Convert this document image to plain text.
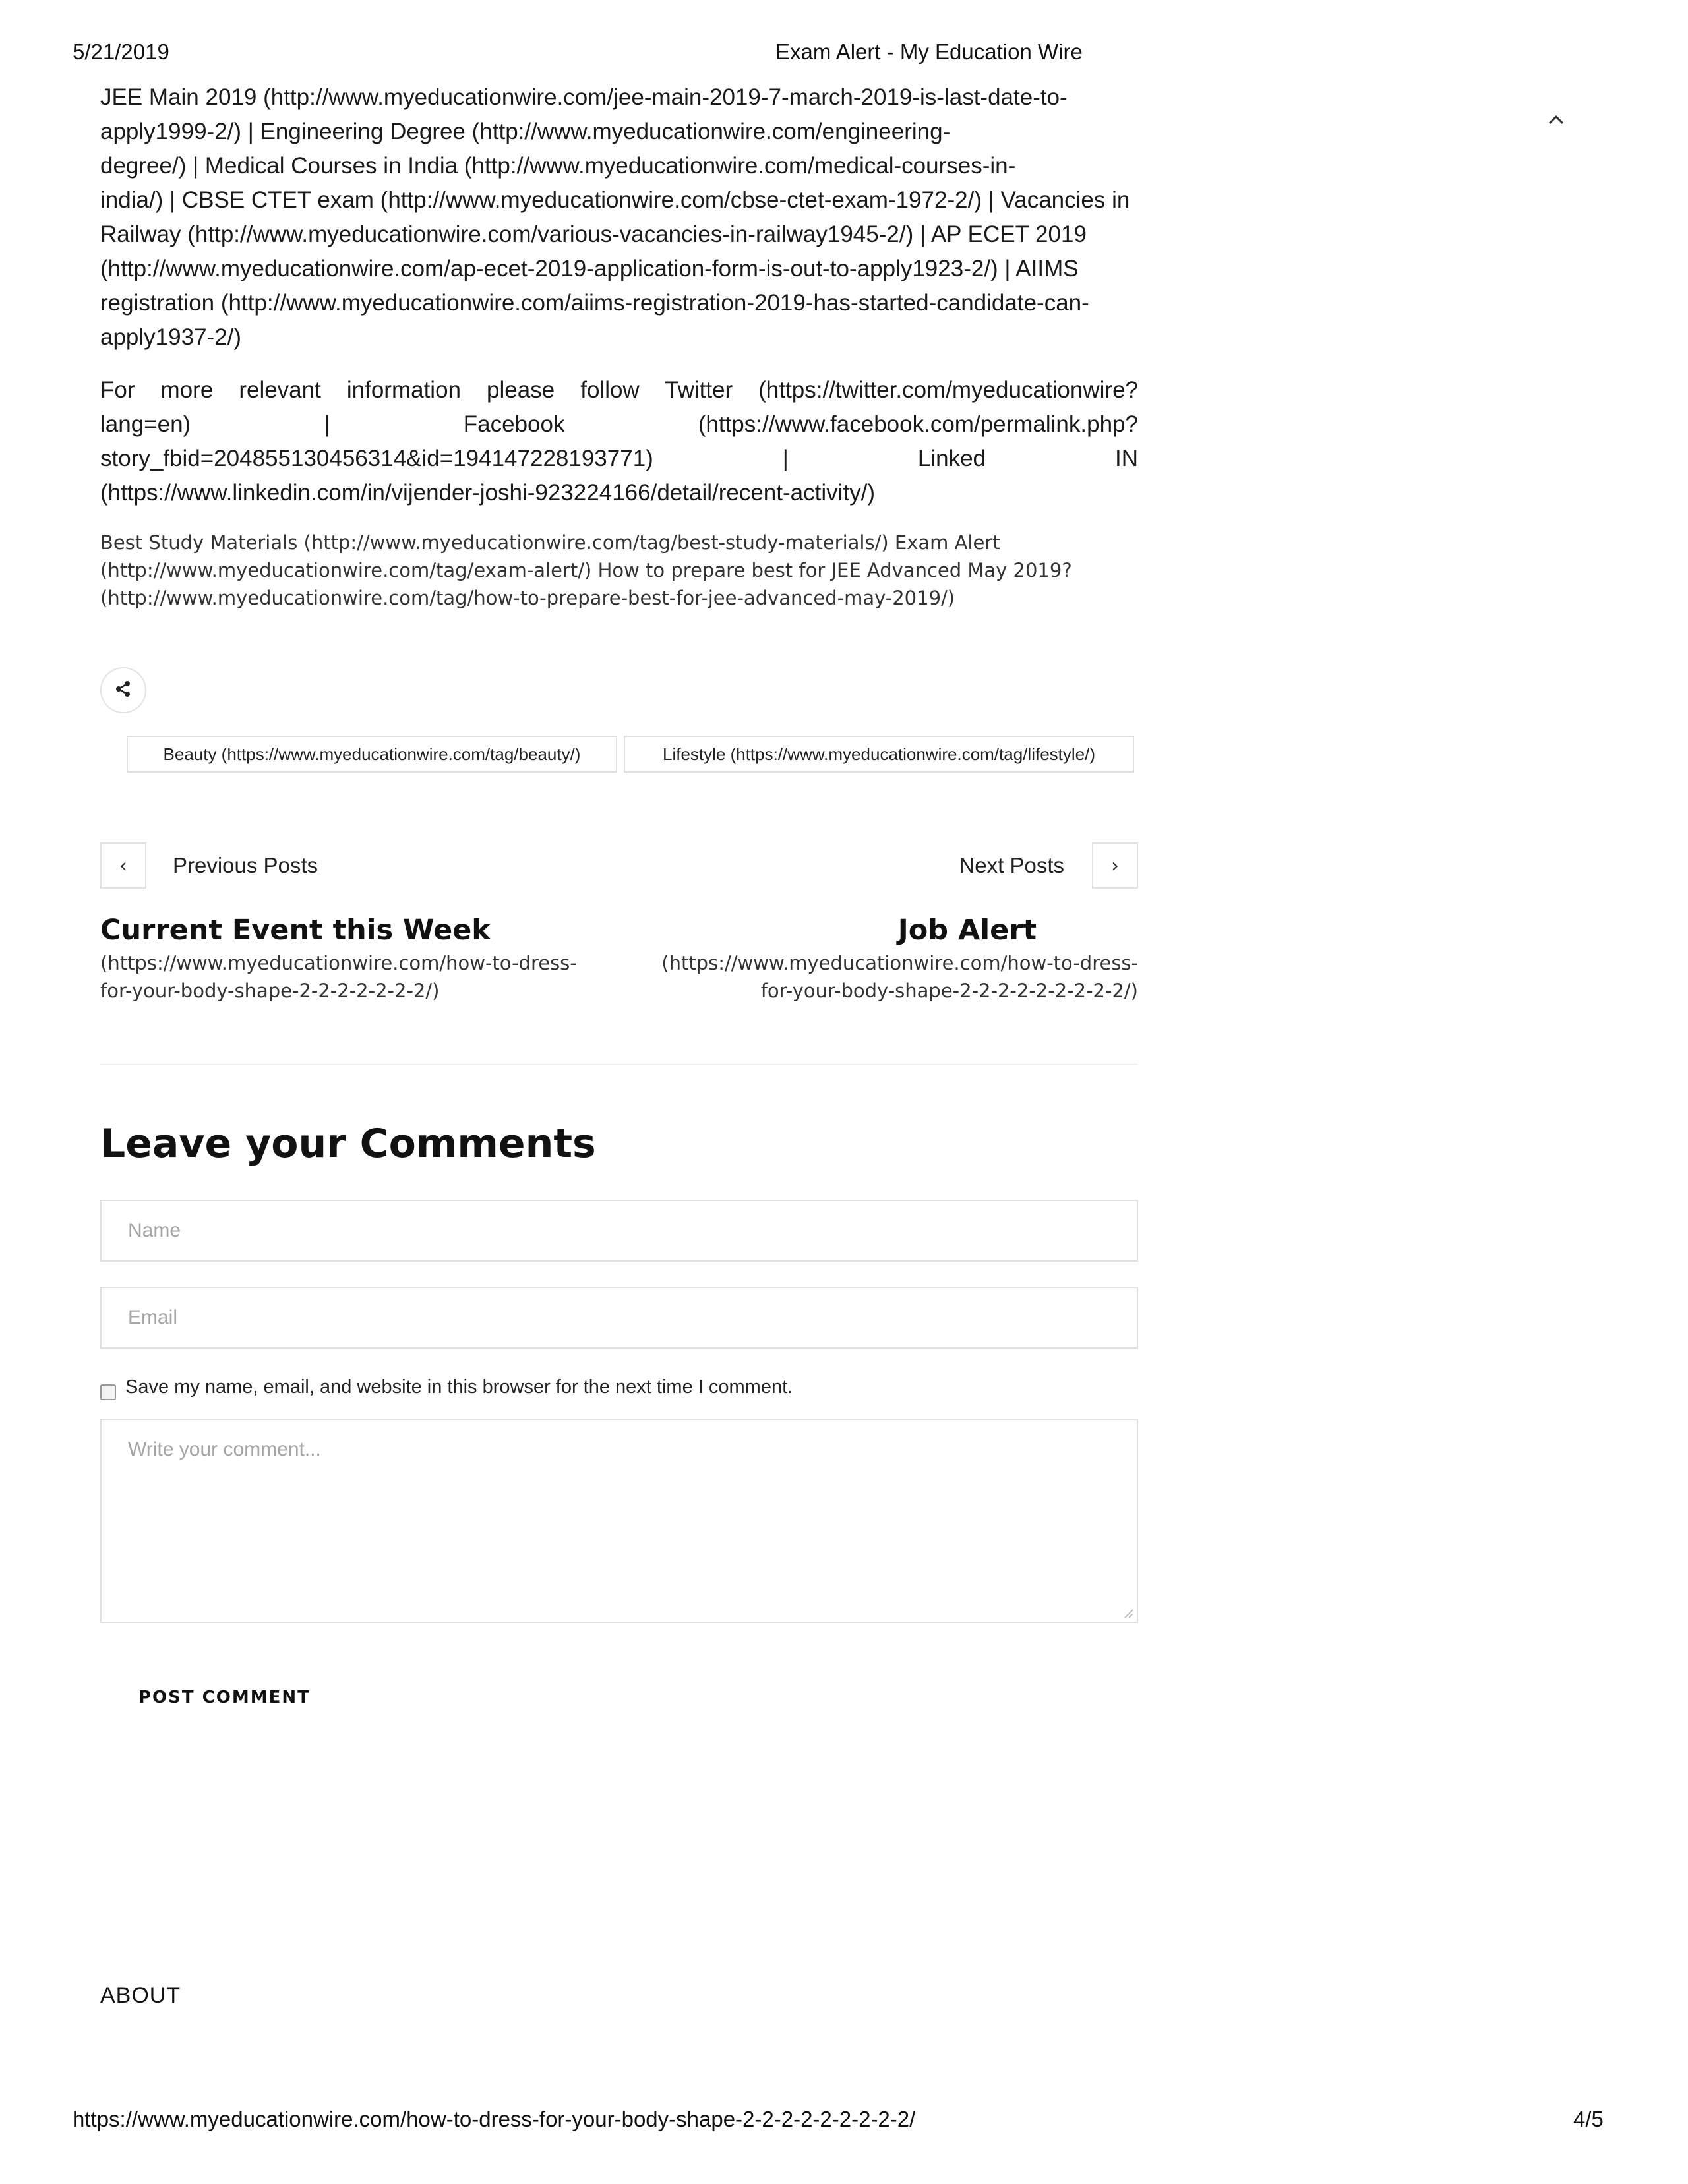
5/21/2019	Exam Alert - My Education Wire
JEE Main 2019 (http://www.myeducationwire.com/jee-main-2019-7-march-2019-is-last-date-to-
apply1999-2/) | Engineering Degree (http://www.myeducationwire.com/engineering-
degree/) | Medical Courses in India (http://www.myeducationwire.com/medical-courses-in-
india/) | CBSE CTET exam (http://www.myeducationwire.com/cbse-ctet-exam-1972-2/) | Vacancies in
Railway (http://www.myeducationwire.com/various-vacancies-in-railway1945-2/) | AP ECET 2019
(http://www.myeducationwire.com/ap-ecet-2019-application-form-is-out-to-apply1923-2/) | AIIMS
registration (http://www.myeducationwire.com/aiims-registration-2019-has-started-candidate-can-
apply1937-2/)
For more relevant information please follow Twitter (https://twitter.com/myeducationwire?
lang=en) | Facebook (https://www.facebook.com/permalink.php?
story_fbid=204855130456314&id=194147228193771) | Linked IN
(https://www.linkedin.com/in/vijender-joshi-923224166/detail/recent-activity/)
Best Study Materials (http://www.myeducationwire.com/tag/best-study-materials/) Exam Alert
(http://www.myeducationwire.com/tag/exam-alert/) How to prepare best for JEE Advanced May 2019?
(http://www.myeducationwire.com/tag/how-to-prepare-best-for-jee-advanced-may-2019/)
Beauty (https://www.myeducationwire.com/tag/beauty/)	Lifestyle (https://www.myeducationwire.com/tag/lifestyle/)
‹ Previous Posts	Next Posts ›
Current Event this Week
(https://www.myeducationwire.com/how-to-dress-
for-your-body-shape-2-2-2-2-2-2-2/)
Job Alert
(https://www.myeducationwire.com/how-to-dress-
for-your-body-shape-2-2-2-2-2-2-2-2-2/)
Leave your Comments
Name
Email
Save my name, email, and website in this browser for the next time I comment.
Write your comment...
POST COMMENT
ABOUT
https://www.myeducationwire.com/how-to-dress-for-your-body-shape-2-2-2-2-2-2-2-2-2/	4/5
